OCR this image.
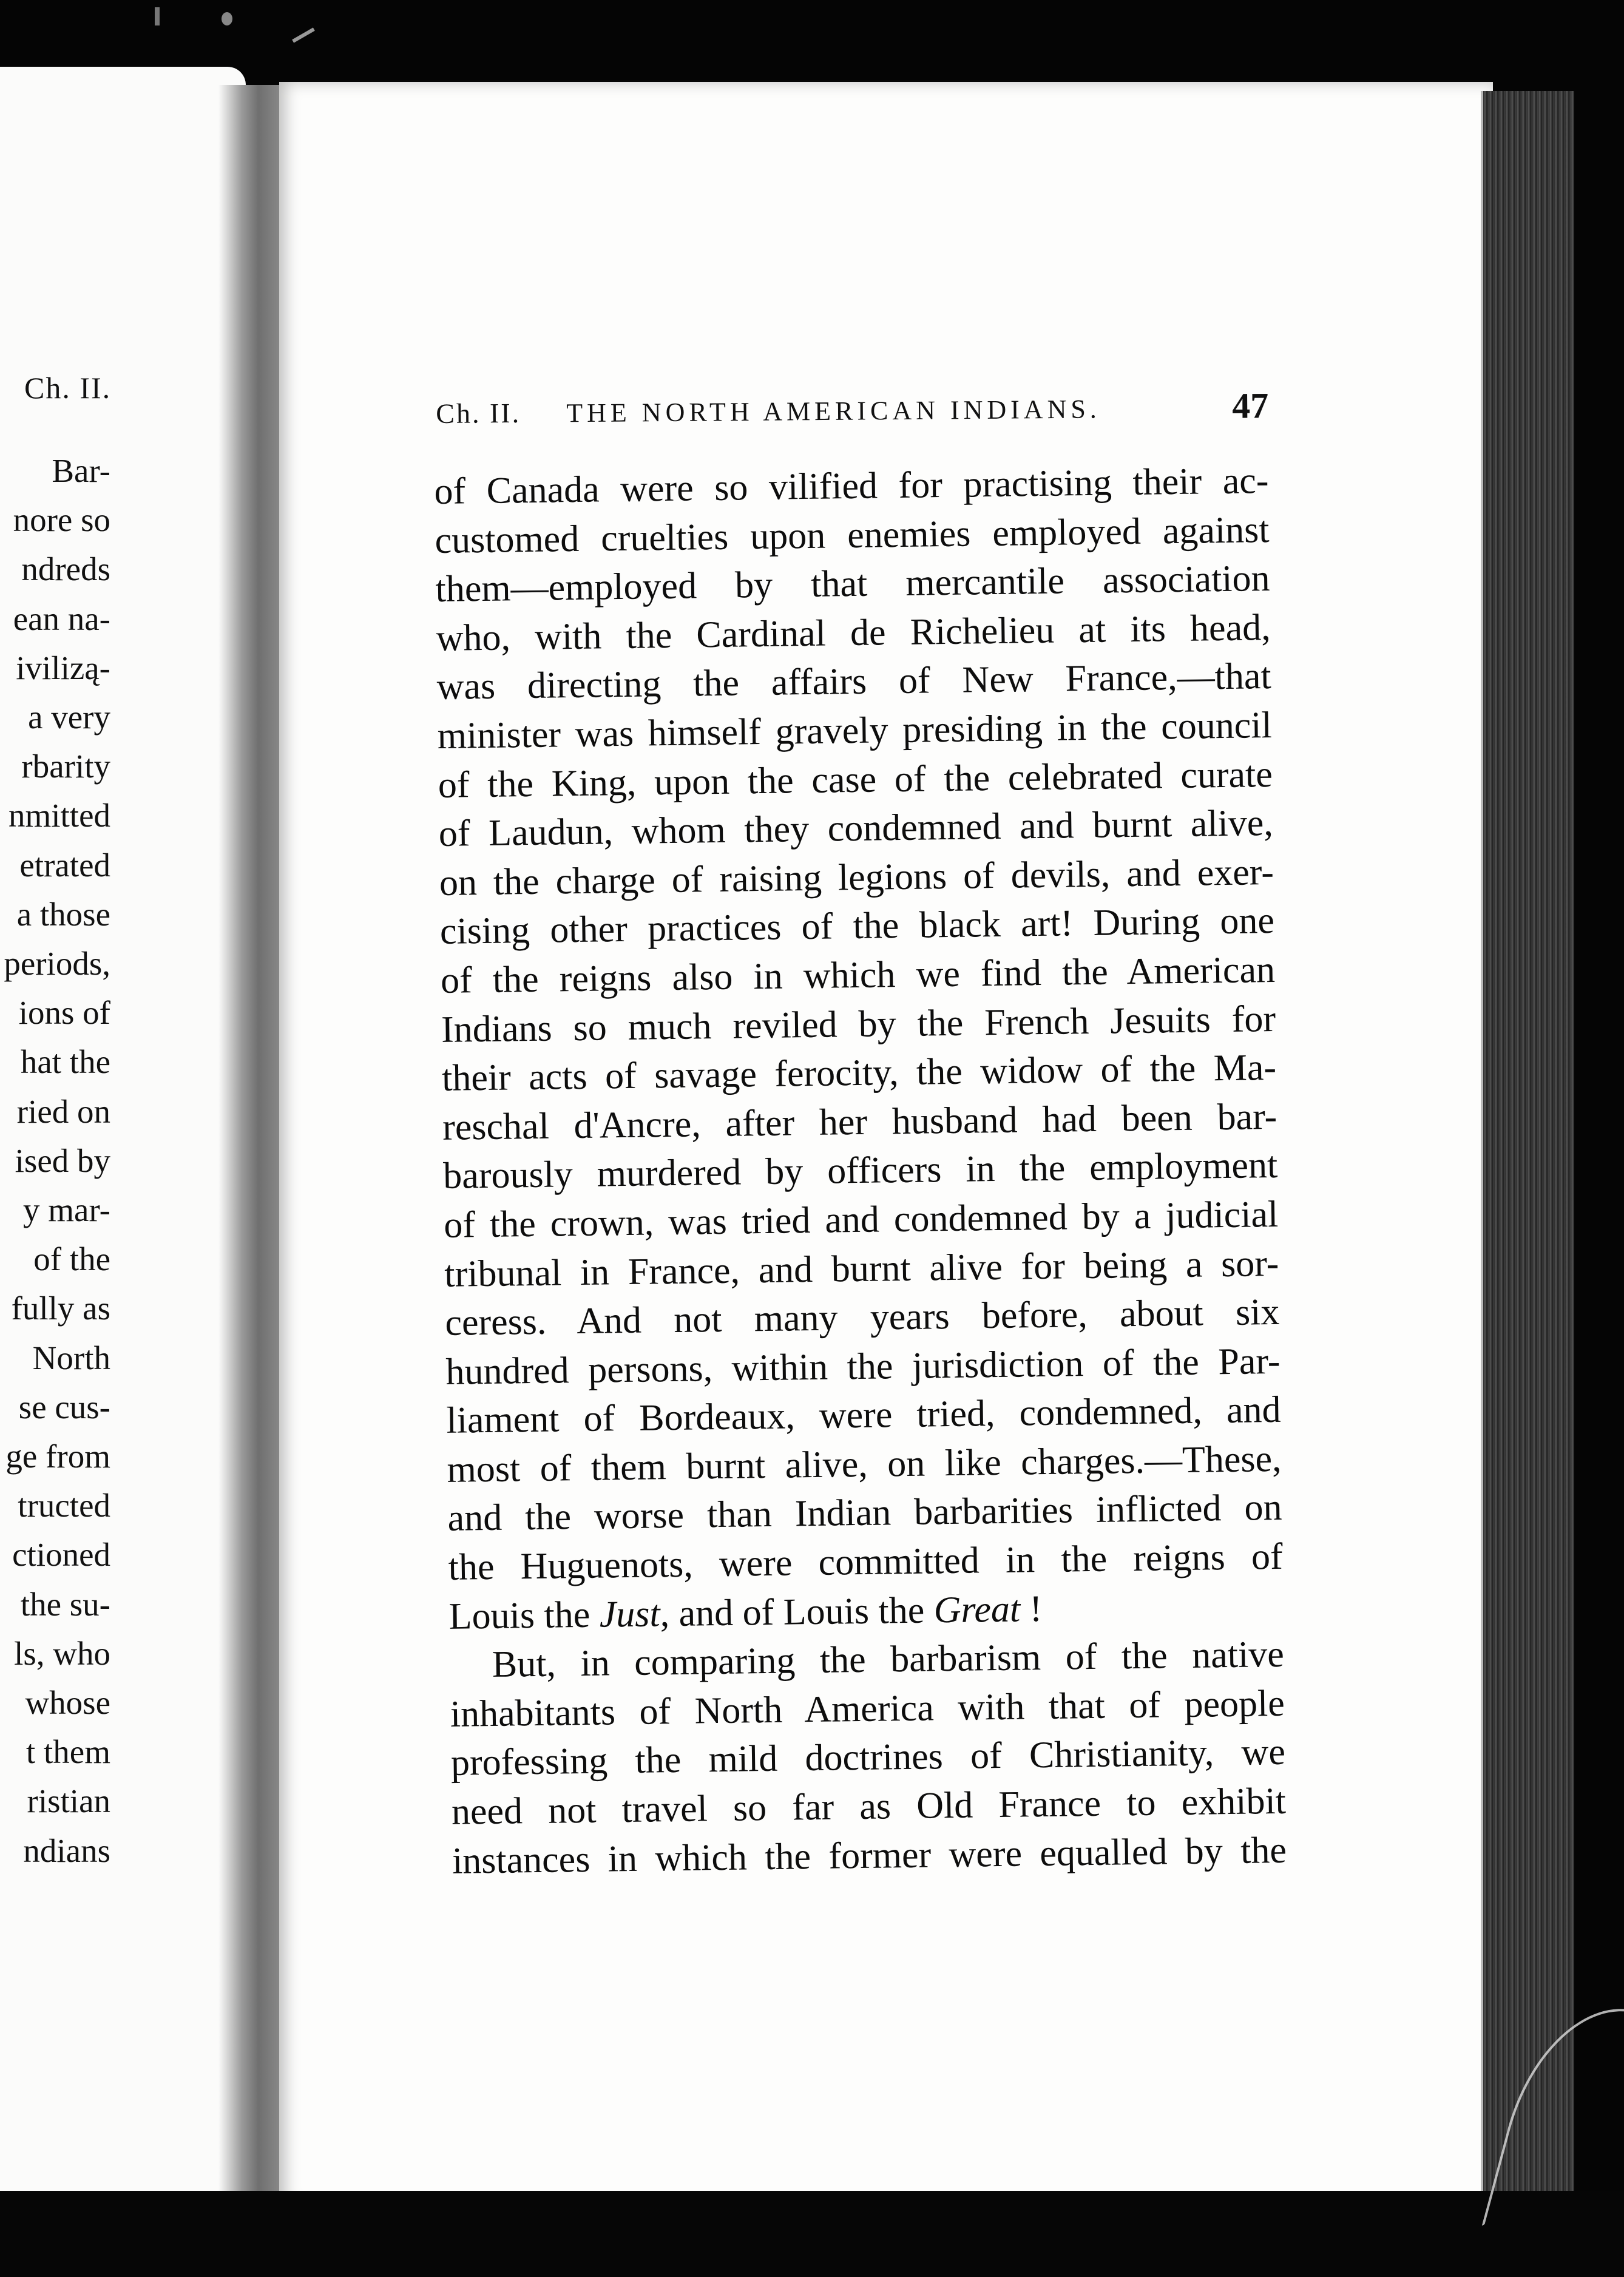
Ch. II.
Bar-
nore so
ndreds
ean na-
ivilizą-
a very
rbarity
nmitted
etrated
a those
periods,
ions of
hat the
ried on
ised by
y mar-
of the
fully as
North
se cus-
ge from
tructed
ctioned
the su-
ls, who
whose
t them
ristian
ndians
Ch. II. THE NORTH AMERICAN INDIANS.	47
of Canada were so vilified for practising their ac-
customed cruelties upon enemies employed against
them—employed by that mercantile association
who, with the Cardinal de Richelieu at its head,
was directing the affairs of New France,—that
minister was himself gravely presiding in the council
of the King, upon the case of the celebrated curate
of Laudun, whom they condemned and burnt alive,
on the charge of raising legions of devils, and exer-
cising other practices of the black art! During one
of the reigns also in which we find the American
Indians so much reviled by the French Jesuits for
their acts of savage ferocity, the widow of the Ma-
reschal d'Ancre, after her husband had been bar-
barously murdered by officers in the employment
of the crown, was tried and condemned by a judicial
tribunal in France, and burnt alive for being a sor-
ceress. And not many years before, about six
hundred persons, within the jurisdiction of the Par-
liament of Bordeaux, were tried, condemned, and
most of them burnt alive, on like charges.—These,
and the worse than Indian barbarities inflicted on
the Huguenots, were committed in the reigns of
Louis the Just, and of Louis the Great !
But, in comparing the barbarism of the native
inhabitants of North America with that of people
professing the mild doctrines of Christianity, we
need not travel so far as Old France to exhibit
instances in which the former were equalled by the
